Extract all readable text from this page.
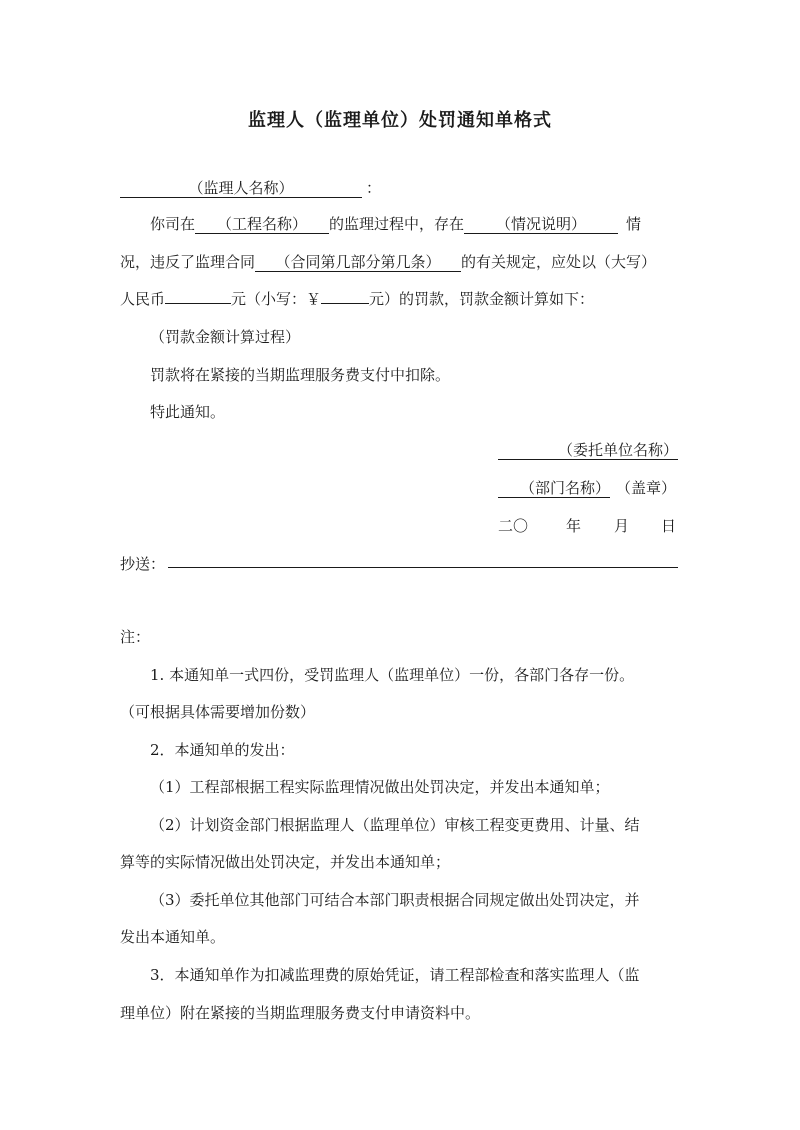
监理人（监理单位）处罚通知单格式
（监理人名称）	：
你司在 （工程名称） 的监理过程中，存在 （情况说明）	情
况，违反了监理合同 （合同第几部分第几条） 的有关规定，应处以（大写）
人民币	元（小写：￥	元）的罚款，罚款金额计算如下：
（罚款金额计算过程）
罚款将在紧接的当期监理服务费支付中扣除。
特此通知。
（委托单位名称）
（部门名称） （盖章）
二〇	年 月 日
抄送：
注：
1. 本通知单一式四份，受罚监理人（监理单位）一份，各部门各存一份。
（可根据具体需要增加份数）
2．本通知单的发出：
（1）工程部根据工程实际监理情况做出处罚决定，并发出本通知单；
（2）计划资金部门根据监理人（监理单位）审核工程变更费用、计量、结
算等的实际情况做出处罚决定，并发出本通知单；
（3）委托单位其他部门可结合本部门职责根据合同规定做出处罚决定，并
发出本通知单。
3．本通知单作为扣减监理费的原始凭证，请工程部检查和落实监理人（监
理单位）附在紧接的当期监理服务费支付申请资料中。
